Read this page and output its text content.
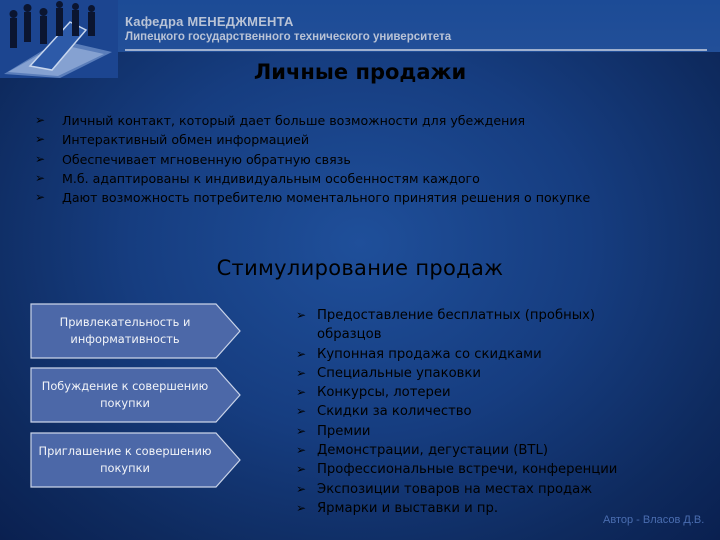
Кафедра МЕНЕДЖМЕНТА
Липецкого государственного технического университета
Личные продажи
➢ Личный контакт, который дает больше возможности для убеждения
➢ Интерактивный обмен информацией
➢ Обеспечивает мгновенную обратную связь
➢ М.б. адаптированы к индивидуальным особенностям каждого
➢ Дают возможность потребителю моментального принятия решения о покупке
Стимулирование продаж
Привлекательность и информативность
Побуждение к совершению покупки
Приглашение к совершению покупки
➢ Предоставление бесплатных (пробных) образцов
➢ Купонная продажа со скидками
➢ Специальные упаковки
➢ Конкурсы, лотереи
➢ Скидки за количество
➢ Премии
➢ Демонстрации, дегустации (BTL)
➢ Профессиональные встречи, конференции
➢ Экспозиции товаров на местах продаж
➢ Ярмарки и выставки и пр.
Автор - Власов Д.В.
